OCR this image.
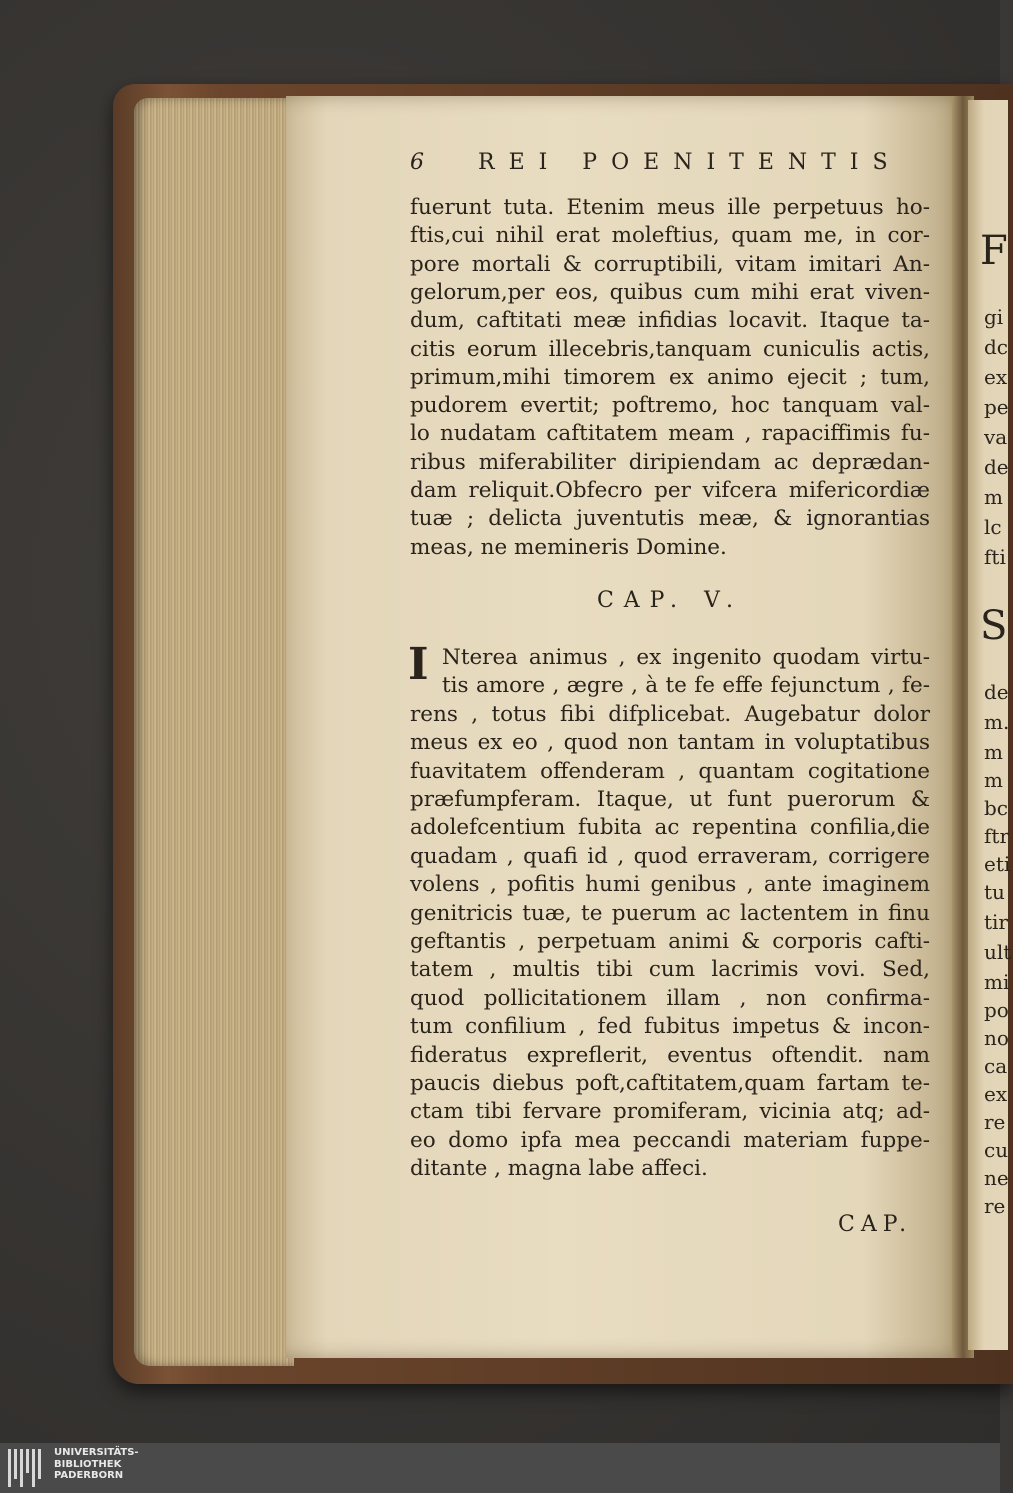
F
gi
dc
ex
pe
va
de
m
lc
fti
S
de
m.
m
m
bc
ftr
eti
tu
tir
ult
mi
po
no
ca
ex
re
cu
ne
re
6 REI POENITENTIS
fuerunt tuta. Etenim meus ille perpetuus ho-
ftis,cui nihil erat moleftius, quam me, in cor-
pore mortali & corruptibili, vitam imitari An-
gelorum,per eos, quibus cum mihi erat viven-
dum, caftitati meæ infidias locavit. Itaque ta-
citis eorum illecebris,tanquam cuniculis actis,
primum,mihi timorem ex animo ejecit ; tum,
pudorem evertit; poftremo, hoc tanquam val-
lo nudatam caftitatem meam , rapaciffimis fu-
ribus miferabiliter diripiendam ac deprædan-
dam reliquit.Obfecro per vifcera mifericordiæ
tuæ ; delicta juventutis meæ, & ignorantias
meas, ne memineris Domine.
CAP. V.
I Nterea animus , ex ingenito quodam virtu-
tis amore , ægre , à te fe effe fejunctum , fe-
rens , totus fibi difplicebat. Augebatur dolor
meus ex eo , quod non tantam in voluptatibus
fuavitatem offenderam , quantam cogitatione
præfumpferam. Itaque, ut funt puerorum &
adolefcentium fubita ac repentina confilia,die
quadam , quafi id , quod erraveram, corrigere
volens , pofitis humi genibus , ante imaginem
genitricis tuæ, te puerum ac lactentem in finu
geftantis , perpetuam animi & corporis cafti-
tatem , multis tibi cum lacrimis vovi. Sed,
quod pollicitationem illam , non confirma-
tum confilium , fed fubitus impetus & incon-
fideratus expreflerit, eventus oftendit. nam
paucis diebus poft,caftitatem,quam fartam te-
ctam tibi fervare promiferam, vicinia atq; ad-
eo domo ipfa mea peccandi materiam fuppe-
ditante , magna labe affeci.
CAP.
UNIVERSITÄTS-
BIBLIOTHEK
PADERBORN
